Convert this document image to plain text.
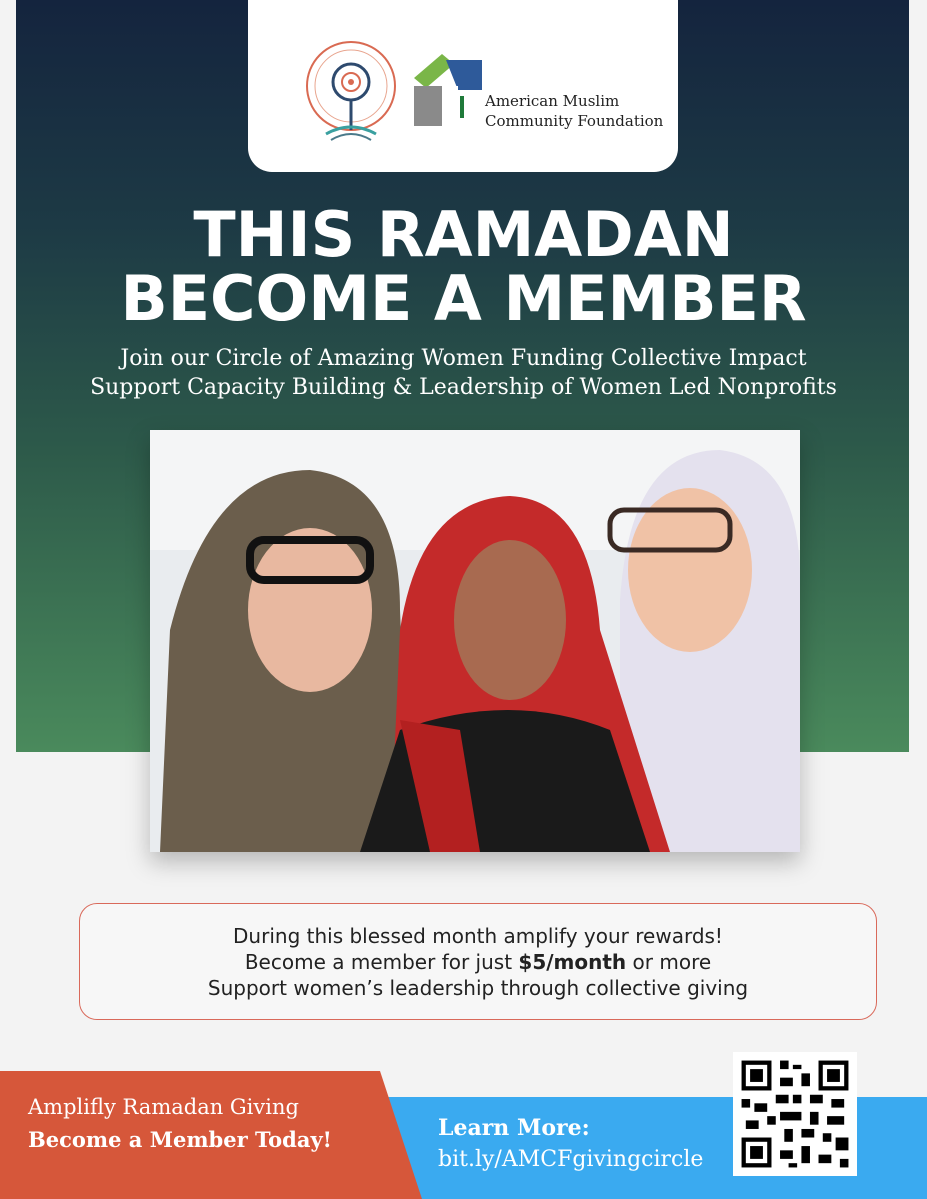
American Muslim
Community Foundation
THIS RAMADAN
BECOME A MEMBER
Join our Circle of Amazing Women Funding Collective Impact
Support Capacity Building & Leadership of Women Led Nonprofits
During this blessed month amplify your rewards!
Become a member for just $5/month or more
Support women’s leadership through collective giving
Amplifly Ramadan Giving
Become a Member Today!	Learn More:
bit.ly/AMCFgivingcircle
